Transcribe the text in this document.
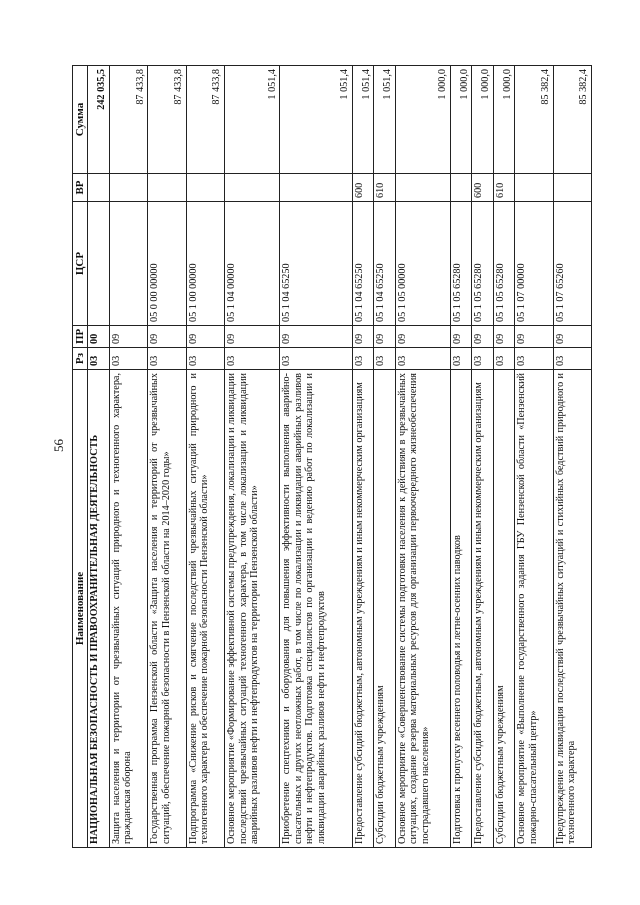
56
Наименование	Рз	ПР	ЦСР	ВР	Сумма
НАЦИОНАЛЬНАЯ БЕЗОПАСНОСТЬ И ПРАВООХРАНИТЕЛЬНАЯ ДЕЯТЕЛЬНОСТЬ	03	00			242 035,5
Защита населения и территории от чрезвычайных ситуаций природного и техногенного характера, гражданская оборона	03	09			87 433,8
Государственная программа Пензенской области «Защита населения и территорий от чрезвычайных ситуаций, обеспечение пожарной безопасности в Пензенской области на 2014–2020 годы»	03	09	05 0 00 00000		87 433,8
Подпрограмма «Снижение рисков и смягчение последствий чрезвычайных ситуаций природного и техногенного характера и обеспечение пожарной безопасности Пензенской области»	03	09	05 1 00 00000		87 433,8
Основное мероприятие «Формирование эффективной системы предупреждения, локализации и ликвидации последствий чрезвычайных ситуаций техногенного характера, в том числе локализации и ликвидации аварийных разливов нефти и нефтепродуктов на территории Пензенской области»	03	09	05 1 04 00000		1 051,4
Приобретение спецтехники и оборудования для повышения эффективности выполнения аварийно-спасательных и других неотложных работ, в том числе по локализации и ликвидации аварийных разливов нефти и нефтепродуктов. Подготовка специалистов по организации и ведению работ по локализации и ликвидации аварийных разливов нефти и нефтепродуктов	03	09	05 1 04 65250		1 051,4
Предоставление субсидий бюджетным, автономным учреждениям и иным некоммерческим организациям	03	09	05 1 04 65250	600	1 051,4
Субсидии бюджетным учреждениям	03	09	05 1 04 65250	610	1 051,4
Основное мероприятие «Совершенствование системы подготовки населения к действиям в чрезвычайных ситуациях, создание резерва материальных ресурсов для организации первоочередного жизнеобеспечения пострадавшего населения»	03	09	05 1 05 00000		1 000,0
Подготовка к пропуску весеннего половодья и летне-осенних паводков	03	09	05 1 05 65280		1 000,0
Предоставление субсидий бюджетным, автономным учреждениям и иным некоммерческим организациям	03	09	05 1 05 65280	600	1 000,0
Субсидии бюджетным учреждениям	03	09	05 1 05 65280	610	1 000,0
Основное мероприятие «Выполнение государственного задания ГБУ Пензенской области «Пензенский пожарно-спасательный центр»	03	09	05 1 07 00000		85 382,4
Предупреждение и ликвидация последствий чрезвычайных ситуаций и стихийных бедствий природного и техногенного характера	03	09	05 1 07 65260		85 382,4
